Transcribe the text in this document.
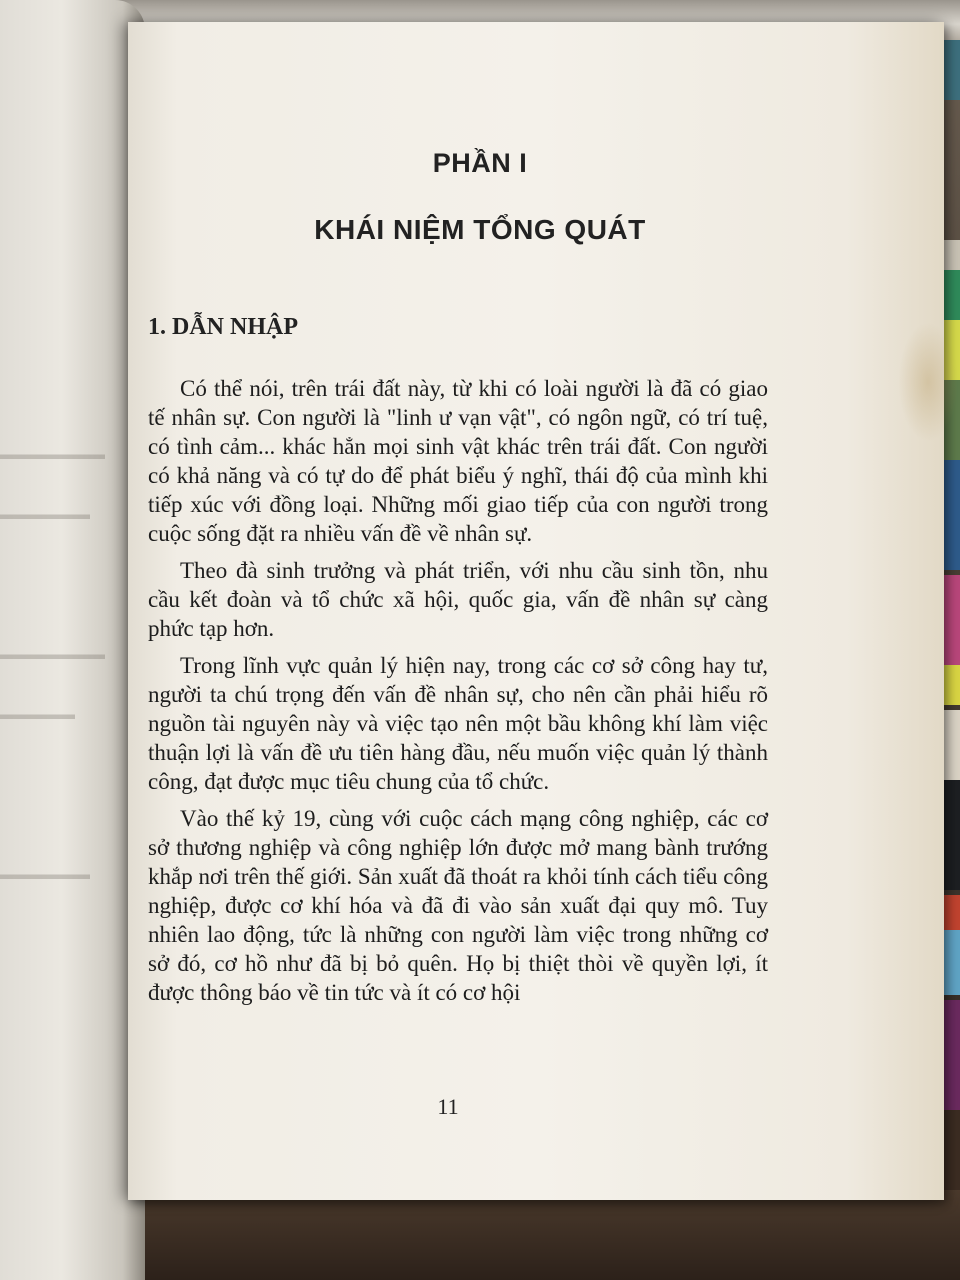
▬▬▬▬▬▬▬
▬▬▬▬▬▬
▬▬▬▬▬▬▬
▬▬▬▬▬
▬▬▬▬▬▬
PHẦN I
KHÁI NIỆM TỔNG QUÁT
1. DẪN NHẬP

Có thể nói, trên trái đất này, từ khi có loài người là đã có giao tế nhân sự. Con người là "linh ư vạn vật", có ngôn ngữ, có trí tuệ, có tình cảm... khác hẳn mọi sinh vật khác trên trái đất. Con người có khả năng và có tự do để phát biểu ý nghĩ, thái độ của mình khi tiếp xúc với đồng loại. Những mối giao tiếp của con người trong cuộc sống đặt ra nhiều vấn đề về nhân sự.

Theo đà sinh trưởng và phát triển, với nhu cầu sinh tồn, nhu cầu kết đoàn và tổ chức xã hội, quốc gia, vấn đề nhân sự càng phức tạp hơn.

Trong lĩnh vực quản lý hiện nay, trong các cơ sở công hay tư, người ta chú trọng đến vấn đề nhân sự, cho nên cần phải hiểu rõ nguồn tài nguyên này và việc tạo nên một bầu không khí làm việc thuận lợi là vấn đề ưu tiên hàng đầu, nếu muốn việc quản lý thành công, đạt được mục tiêu chung của tổ chức.

Vào thế kỷ 19, cùng với cuộc cách mạng công nghiệp, các cơ sở thương nghiệp và công nghiệp lớn được mở mang bành trướng khắp nơi trên thế giới. Sản xuất đã thoát ra khỏi tính cách tiểu công nghiệp, được cơ khí hóa và đã đi vào sản xuất đại quy mô. Tuy nhiên lao động, tức là những con người làm việc trong những cơ sở đó, cơ hồ như đã bị bỏ quên. Họ bị thiệt thòi về quyền lợi, ít được thông báo về tin tức và ít có cơ hội

11
